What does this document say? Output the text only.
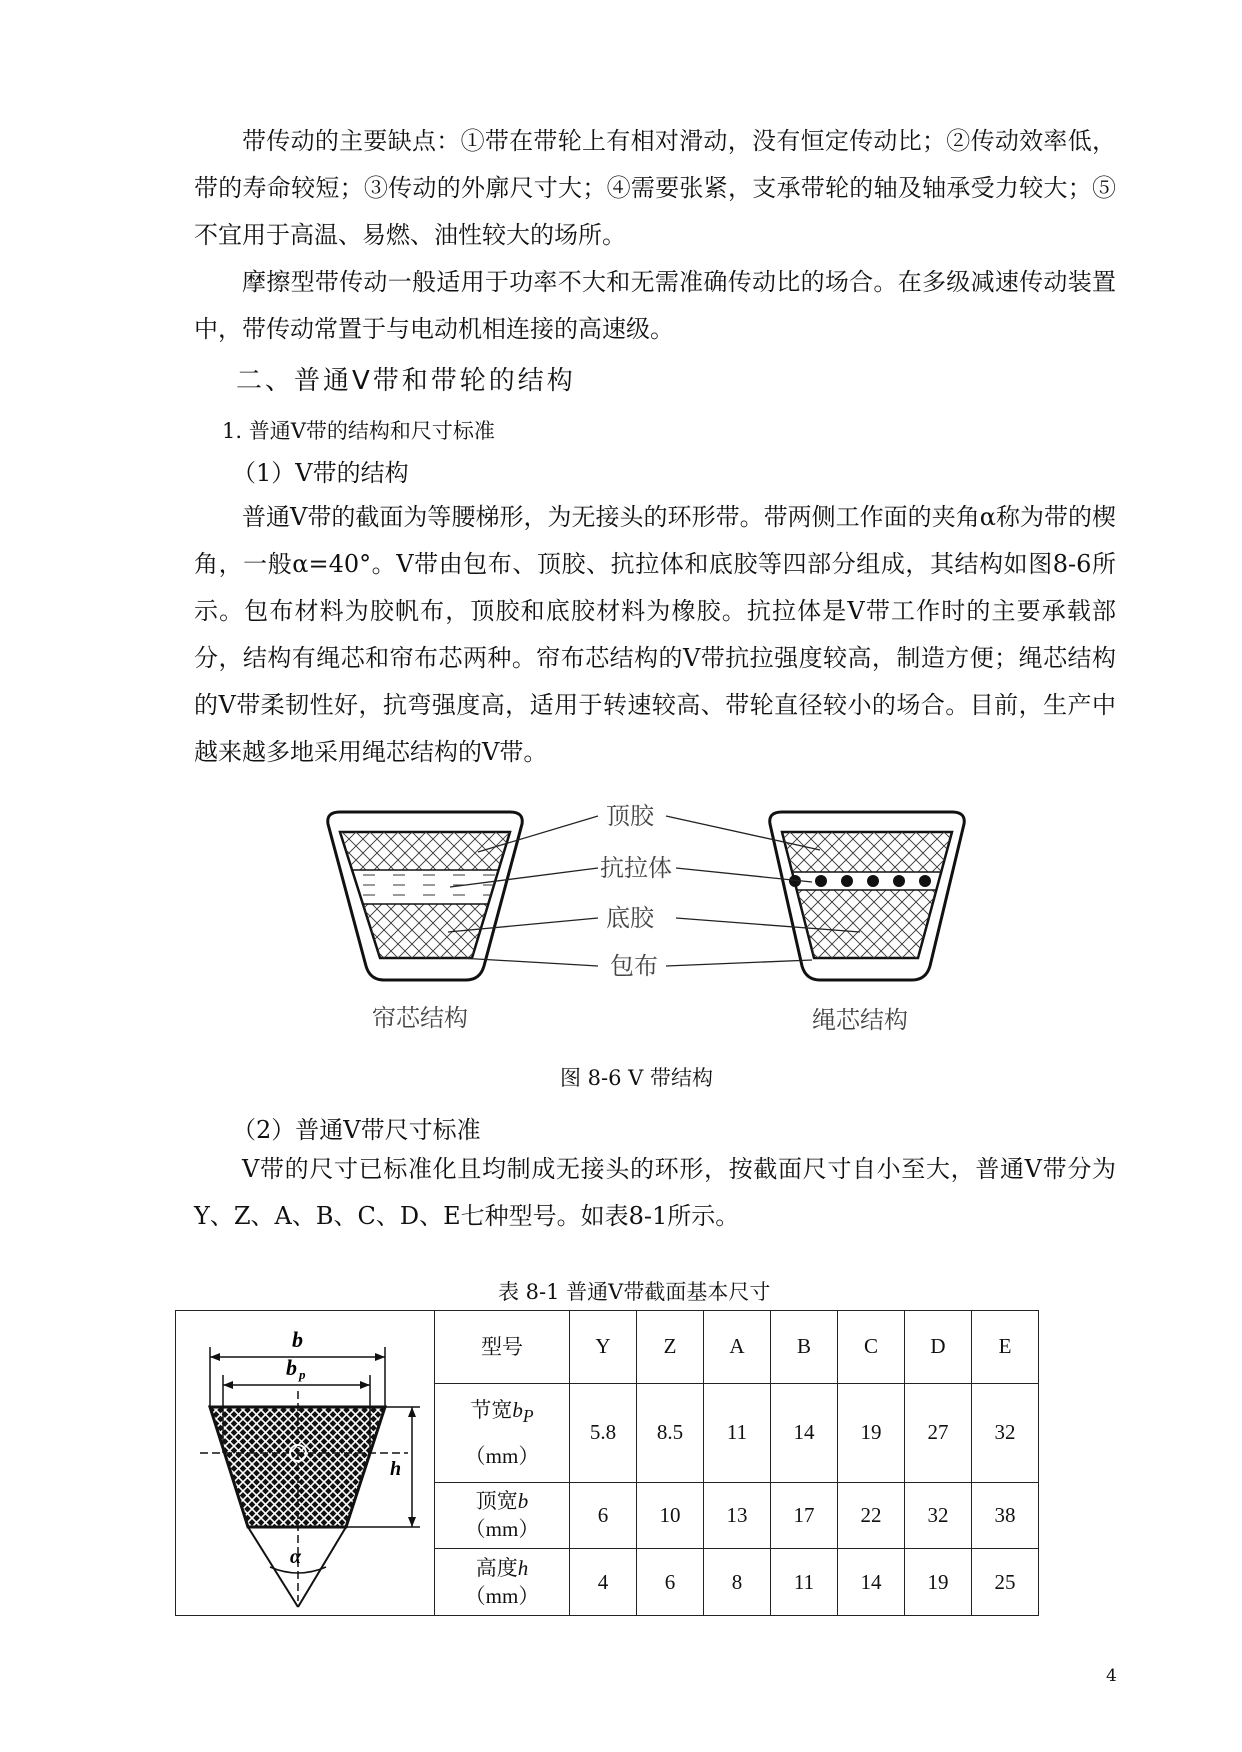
带传动的主要缺点：①带在带轮上有相对滑动，没有恒定传动比；②传动效率低，带的寿命较短；③传动的外廓尺寸大；④需要张紧，支承带轮的轴及轴承受力较大；⑤不宜用于高温、易燃、油性较大的场所。

摩擦型带传动一般适用于功率不大和无需准确传动比的场合。在多级减速传动装置中，带传动常置于与电动机相连接的高速级。

二、普通V带和带轮的结构
1. 普通V带的结构和尺寸标准
（1）V带的结构

普通V带的截面为等腰梯形，为无接头的环形带。带两侧工作面的夹角α称为带的楔角，一般α=40°。V带由包布、顶胶、抗拉体和底胶等四部分组成，其结构如图8-6所示。包布材料为胶帆布，顶胶和底胶材料为橡胶。抗拉体是V带工作时的主要承载部分，结构有绳芯和帘布芯两种。帘布芯结构的V带抗拉强度较高，制造方便；绳芯结构的V带柔韧性好，抗弯强度高，适用于转速较高、带轮直径较小的场合。目前，生产中越来越多地采用绳芯结构的V带。

顶胶
抗拉体
底胶
包布
帘芯结构	绳芯结构
图 8-6 V 带结构
（2）普通V带尺寸标准

V带的尺寸已标准化且均制成无接头的环形，按截面尺寸自小至大，普通V带分为Y、Z、A、B、C、D、E七种型号。如表8-1所示。

表 8-1 普通V带截面基本尺寸
b
b p
h
α	型号	Y	Z	A	B	C	D	E

	节宽$b_P$
（mm）	5.8	8.5	11	14	19	27	32

	顶宽b
（mm）	6	10	13	17	22	32	38

	高度h
（mm）	4	6	8	11	14	19	25
4
